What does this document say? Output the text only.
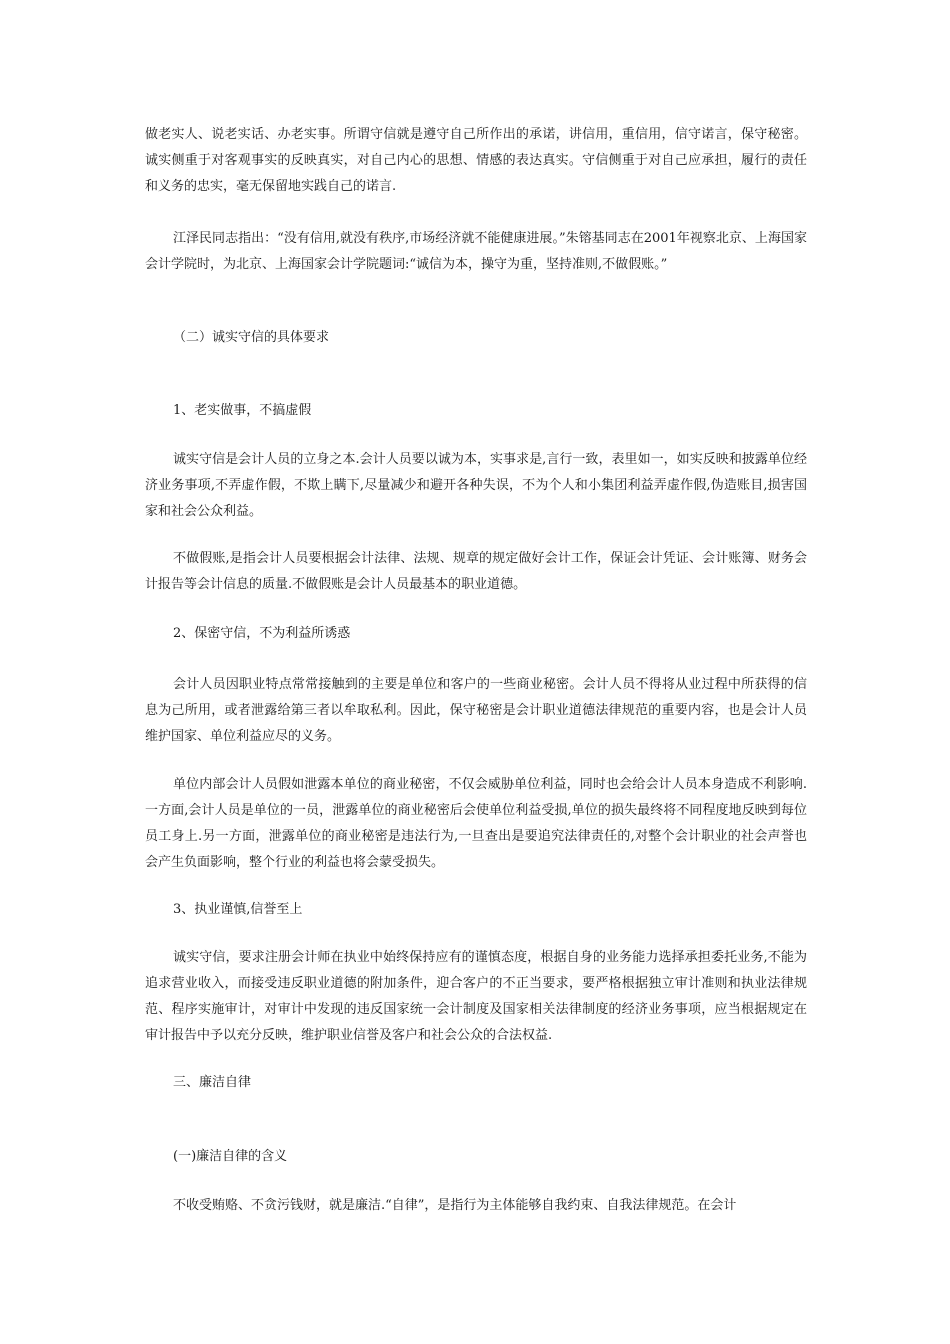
做老实人、说老实话、办老实事。所谓守信就是遵守自己所作出的承诺，讲信用，重信用，信守诺言，保守秘密。诚实侧重于对客观事实的反映真实，对自己内心的思想、情感的表达真实。守信侧重于对自己应承担，履行的责任和义务的忠实，毫无保留地实践自己的诺言.

江泽民同志指出：“没有信用,就没有秩序,市场经济就不能健康进展。”朱镕基同志在2001年视察北京、上海国家会计学院时，为北京、上海国家会计学院题词:“诚信为本，操守为重，坚持准则,不做假账。”

（二）诚实守信的具体要求

1、老实做事，不搞虚假

诚实守信是会计人员的立身之本.会计人员要以诚为本，实事求是,言行一致，表里如一，如实反映和披露单位经济业务事项,不弄虚作假，不欺上瞒下,尽量减少和避开各种失误，不为个人和小集团利益弄虚作假,伪造账目,损害国家和社会公众利益。

不做假账,是指会计人员要根据会计法律、法规、规章的规定做好会计工作，保证会计凭证、会计账簿、财务会计报告等会计信息的质量.不做假账是会计人员最基本的职业道德。

2、保密守信，不为利益所诱惑

会计人员因职业特点常常接触到的主要是单位和客户的一些商业秘密。会计人员不得将从业过程中所获得的信息为己所用，或者泄露给第三者以牟取私利。因此，保守秘密是会计职业道德法律规范的重要内容，也是会计人员维护国家、单位利益应尽的义务。

单位内部会计人员假如泄露本单位的商业秘密，不仅会威胁单位利益，同时也会给会计人员本身造成不利影响.一方面,会计人员是单位的一员，泄露单位的商业秘密后会使单位利益受损,单位的损失最终将不同程度地反映到每位员工身上.另一方面，泄露单位的商业秘密是违法行为,一旦查出是要追究法律责任的,对整个会计职业的社会声誉也会产生负面影响，整个行业的利益也将会蒙受损失。

3、执业谨慎,信誉至上

诚实守信，要求注册会计师在执业中始终保持应有的谨慎态度，根据自身的业务能力选择承担委托业务,不能为追求营业收入，而接受违反职业道德的附加条件，迎合客户的不正当要求，要严格根据独立审计准则和执业法律规范、程序实施审计，对审计中发现的违反国家统一会计制度及国家相关法律制度的经济业务事项，应当根据规定在审计报告中予以充分反映，维护职业信誉及客户和社会公众的合法权益.

三、廉洁自律

(一)廉洁自律的含义

不收受贿赂、不贪污钱财，就是廉洁.“自律”，是指行为主体能够自我约束、自我法律规范。在会计
